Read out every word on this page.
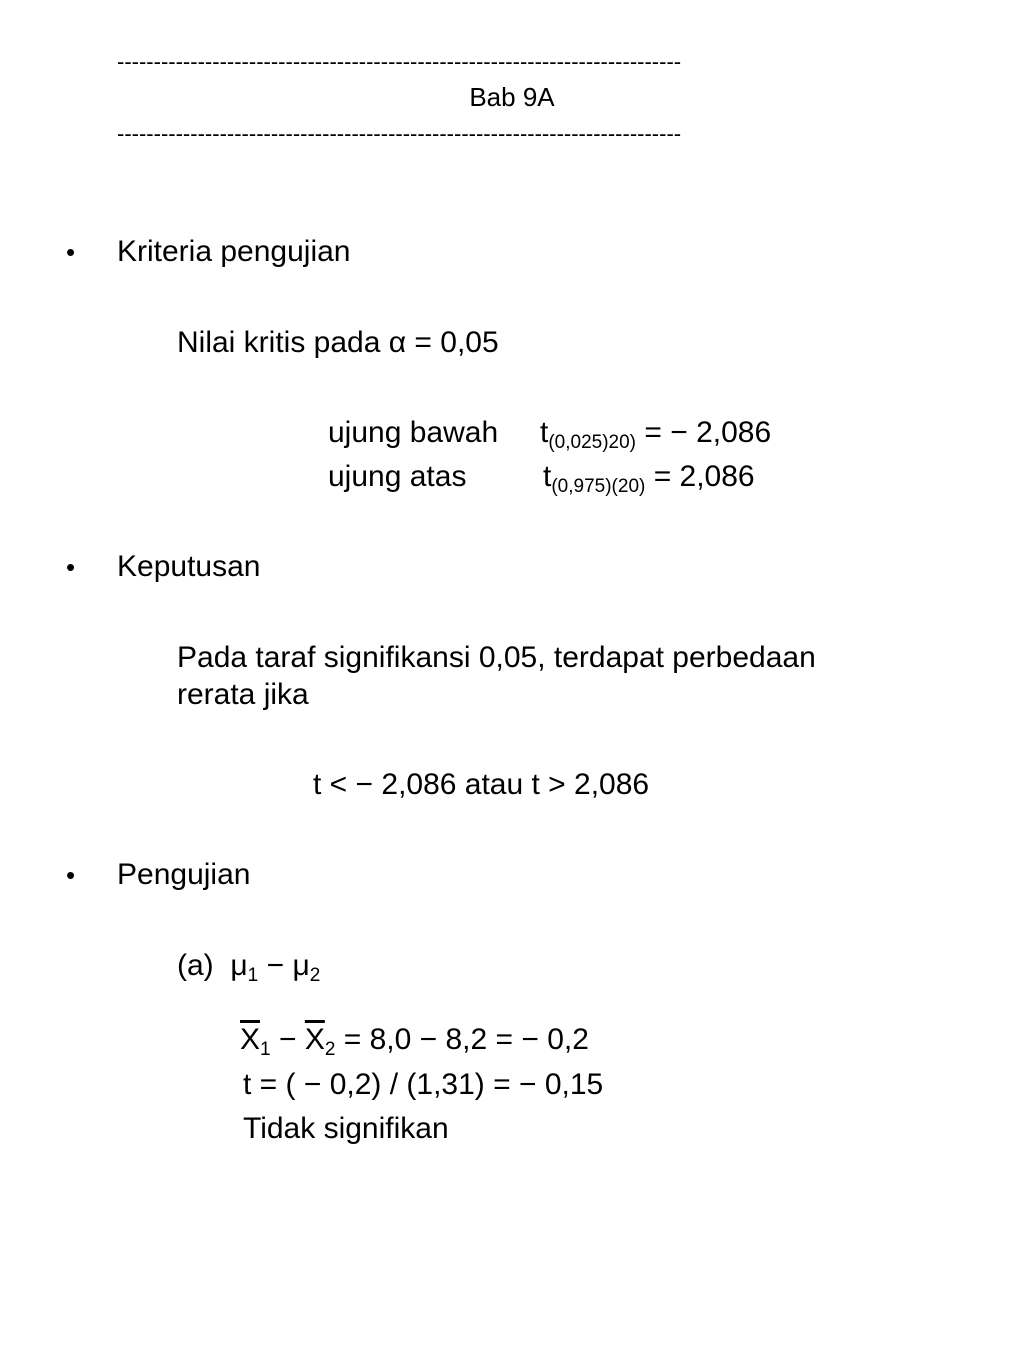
-----------------------------------------------------------------------------
Bab 9A
-----------------------------------------------------------------------------
• Kriteria pengujian
Nilai kritis pada α = 0,05
ujung bawah $t_{(0,025)20)}$ = − 2,086
ujung atas	$t_{(0,975)(20)} = 2,086$
• Keputusan
Pada taraf signifikansi 0,05, terdapat perbedaan
rerata jika
t < − 2,086 atau t > 2,086
• Pengujian
(a) $\mu_1 - \mu_2$
$\overline{X}_1 - \overline{X}_2 = 8,0 - 8,2$ = − 0,2
t = ( − 0,2) / (1,31) = − 0,15
Tidak signifikan
